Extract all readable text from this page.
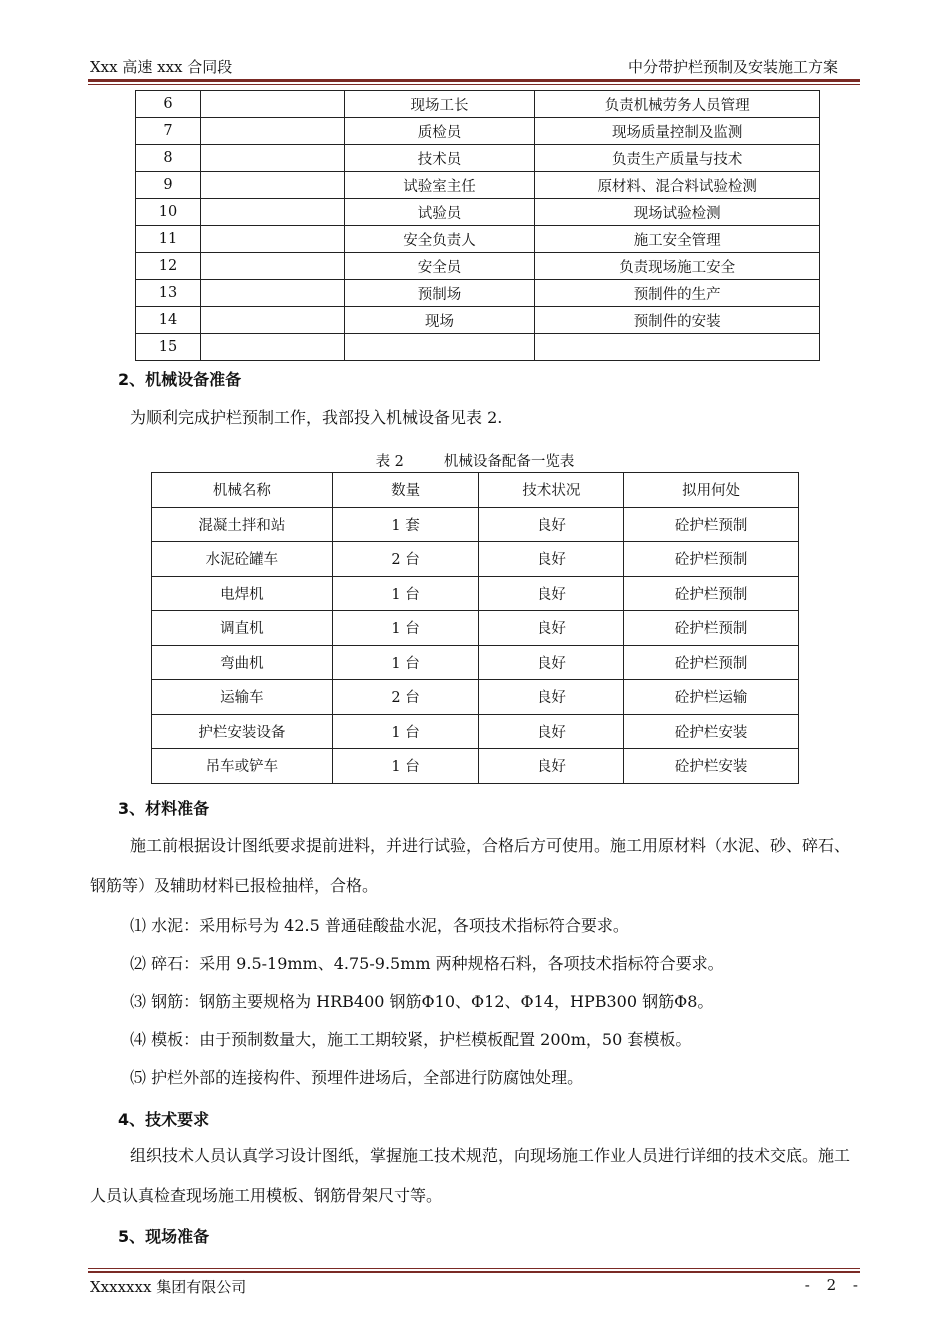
Xxx 高速 xxx 合同段	中分带护栏预制及安装施工方案
6		现场工长	负责机械劳务人员管理
7		质检员	现场质量控制及监测
8		技术员	负责生产质量与技术
9		试验室主任	原材料、混合料试验检测
10		试验员	现场试验检测
11		安全负责人	施工安全管理
12		安全员	负责现场施工安全
13		预制场	预制件的生产
14		现场	预制件的安装
15			
2、机械设备准备
为顺利完成护栏预制工作，我部投入机械设备见表 2.
表 2	机械设备配备一览表
机械名称	数量	技术状况	拟用何处
混凝土拌和站	1 套	良好	砼护栏预制
水泥砼罐车	2 台	良好	砼护栏预制
电焊机	1 台	良好	砼护栏预制
调直机	1 台	良好	砼护栏预制
弯曲机	1 台	良好	砼护栏预制
运输车	2 台	良好	砼护栏运输
护栏安装设备	1 台	良好	砼护栏安装
吊车或铲车	1 台	良好	砼护栏安装
3、材料准备
施工前根据设计图纸要求提前进料，并进行试验，合格后方可使用。施工用原材料（水泥、砂、碎石、钢筋等）及辅助材料已报检抽样，合格。
⑴ 水泥：采用标号为 42.5 普通硅酸盐水泥，各项技术指标符合要求。
⑵ 碎石：采用 9.5-19mm、4.75-9.5mm 两种规格石料，各项技术指标符合要求。
⑶ 钢筋：钢筋主要规格为 HRB400 钢筋Φ10、Φ12、Φ14，HPB300 钢筋Φ8。
⑷ 模板：由于预制数量大，施工工期较紧，护栏模板配置 200m，50 套模板。
⑸ 护栏外部的连接构件、预埋件进场后，全部进行防腐蚀处理。
4、技术要求
组织技术人员认真学习设计图纸，掌握施工技术规范，向现场施工作业人员进行详细的技术交底。施工人员认真检查现场施工用模板、钢筋骨架尺寸等。
5、现场准备
Xxxxxxx 集团有限公司	- 2 -
